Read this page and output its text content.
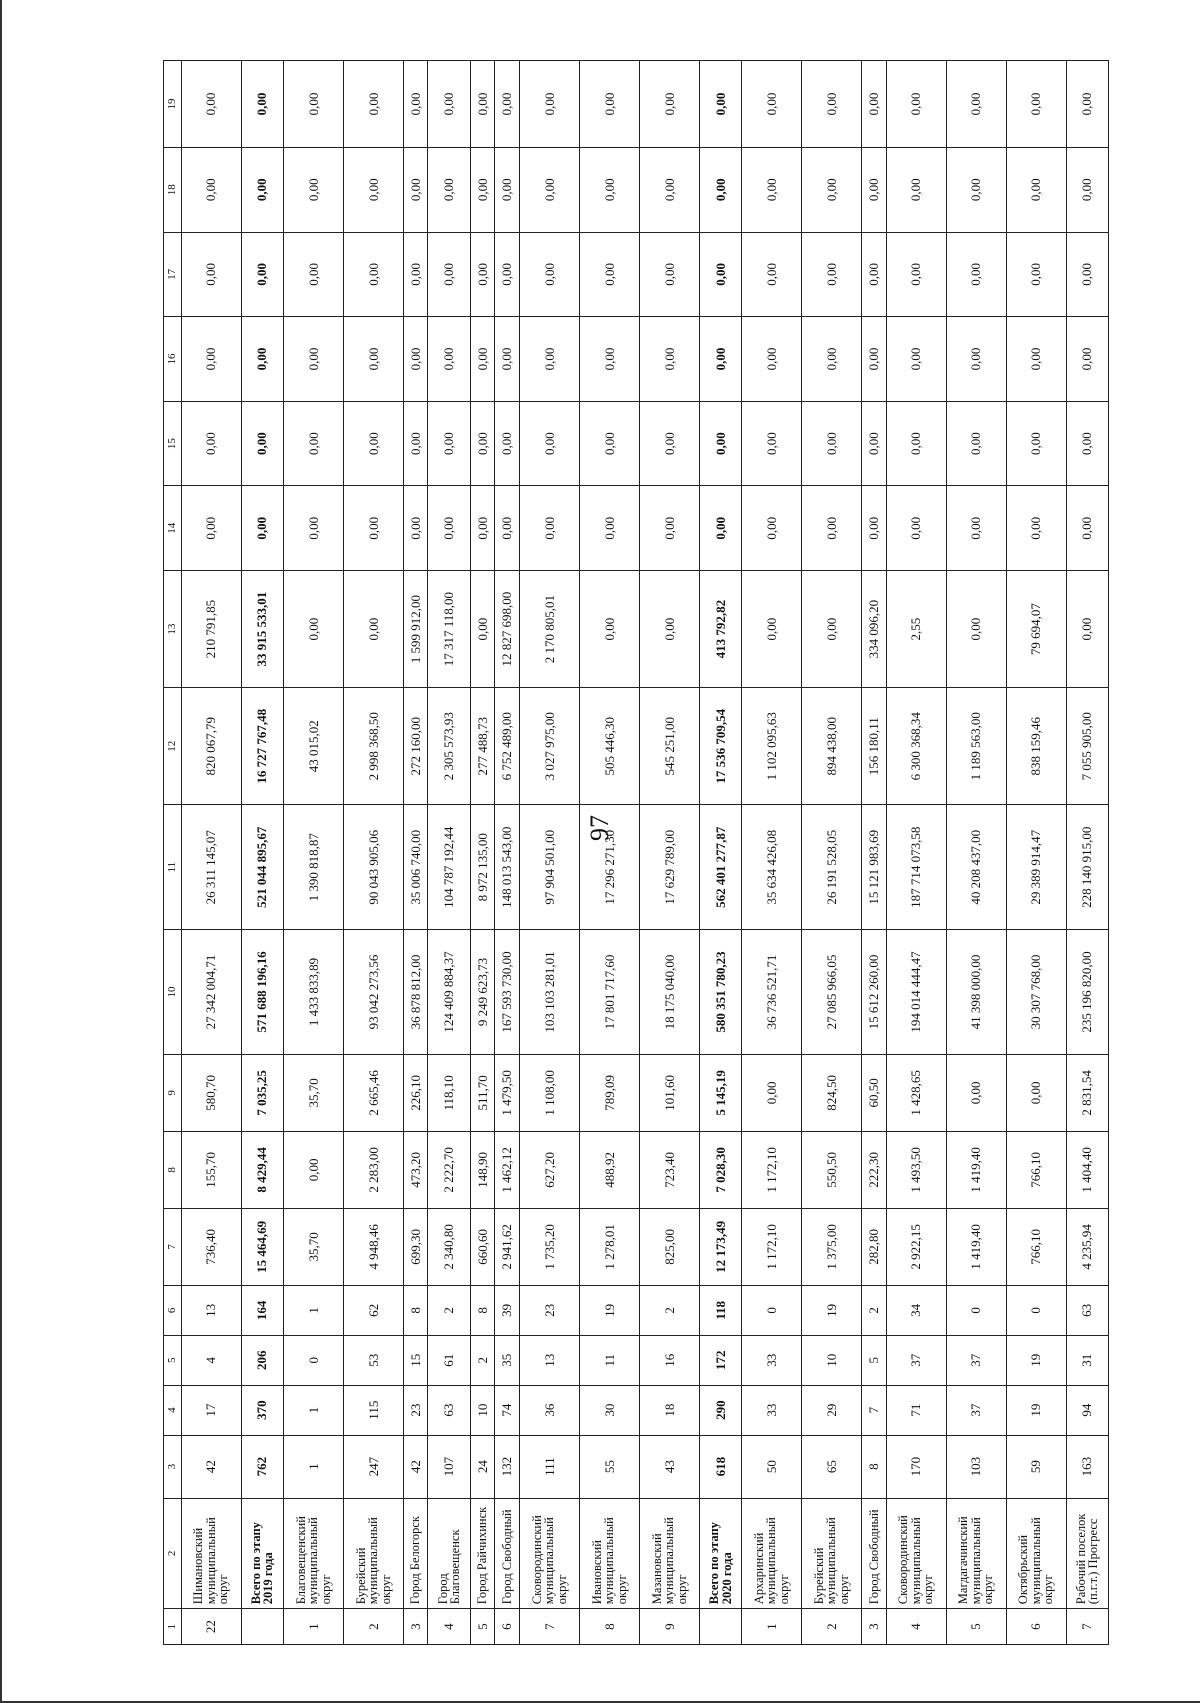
97
1	2	3	4	5	6	7	8	9	10	11	12	13	14	15	16	17	18	19
22	Шимановский муниципальный округ	42	17	4	13	736,40	155,70	580,70	27 342 004,71	26 311 145,07	820 067,79	210 791,85	0,00	0,00	0,00	0,00	0,00	0,00
	Всего по этапу 2019 года	762	370	206	164	15 464,69	8 429,44	7 035,25	571 688 196,16	521 044 895,67	16 727 767,48	33 915 533,01	0,00	0,00	0,00	0,00	0,00	0,00
1	Благовещенский муниципальный округ	1	1	0	1	35,70	0,00	35,70	1 433 833,89	1 390 818,87	43 015,02	0,00	0,00	0,00	0,00	0,00	0,00	0,00
2	Бурейский муниципальный округ	247	115	53	62	4 948,46	2 283,00	2 665,46	93 042 273,56	90 043 905,06	2 998 368,50	0,00	0,00	0,00	0,00	0,00	0,00	0,00
3	Город Белогорск	42	23	15	8	699,30	473,20	226,10	36 878 812,00	35 006 740,00	272 160,00	1 599 912,00	0,00	0,00	0,00	0,00	0,00	0,00
4	Город Благовещенск	107	63	61	2	2 340,80	2 222,70	118,10	124 409 884,37	104 787 192,44	2 305 573,93	17 317 118,00	0,00	0,00	0,00	0,00	0,00	0,00
5	Город Райчихинск	24	10	2	8	660,60	148,90	511,70	9 249 623,73	8 972 135,00	277 488,73	0,00	0,00	0,00	0,00	0,00	0,00	0,00
6	Город Свободный	132	74	35	39	2 941,62	1 462,12	1 479,50	167 593 730,00	148 013 543,00	6 752 489,00	12 827 698,00	0,00	0,00	0,00	0,00	0,00	0,00
7	Сковородинский муниципальный округ	111	36	13	23	1 735,20	627,20	1 108,00	103 103 281,01	97 904 501,00	3 027 975,00	2 170 805,01	0,00	0,00	0,00	0,00	0,00	0,00
8	Ивановский муниципальный округ	55	30	11	19	1 278,01	488,92	789,09	17 801 717,60	17 296 271,30	505 446,30	0,00	0,00	0,00	0,00	0,00	0,00	0,00
9	Мазановский муниципальный округ	43	18	16	2	825,00	723,40	101,60	18 175 040,00	17 629 789,00	545 251,00	0,00	0,00	0,00	0,00	0,00	0,00	0,00
	Всего по этапу 2020 года	618	290	172	118	12 173,49	7 028,30	5 145,19	580 351 780,23	562 401 277,87	17 536 709,54	413 792,82	0,00	0,00	0,00	0,00	0,00	0,00
1	Архаринский муниципальный округ	50	33	33	0	1 172,10	1 172,10	0,00	36 736 521,71	35 634 426,08	1 102 095,63	0,00	0,00	0,00	0,00	0,00	0,00	0,00
2	Бурейский муниципальный округ	65	29	10	19	1 375,00	550,50	824,50	27 085 966,05	26 191 528,05	894 438,00	0,00	0,00	0,00	0,00	0,00	0,00	0,00
3	Город Свободный	8	7	5	2	282,80	222,30	60,50	15 612 260,00	15 121 983,69	156 180,11	334 096,20	0,00	0,00	0,00	0,00	0,00	0,00
4	Сковородинский муниципальный округ	170	71	37	34	2 922,15	1 493,50	1 428,65	194 014 444,47	187 714 073,58	6 300 368,34	2,55	0,00	0,00	0,00	0,00	0,00	0,00
5	Магдагачинский муниципальный округ	103	37	37	0	1 419,40	1 419,40	0,00	41 398 000,00	40 208 437,00	1 189 563,00	0,00	0,00	0,00	0,00	0,00	0,00	0,00
6	Октябрьский муниципальный округ	59	19	19	0	766,10	766,10	0,00	30 307 768,00	29 389 914,47	838 159,46	79 694,07	0,00	0,00	0,00	0,00	0,00	0,00
7	Рабочий поселок (п.г.т.) Прогресс	163	94	31	63	4 235,94	1 404,40	2 831,54	235 196 820,00	228 140 915,00	7 055 905,00	0,00	0,00	0,00	0,00	0,00	0,00	0,00
